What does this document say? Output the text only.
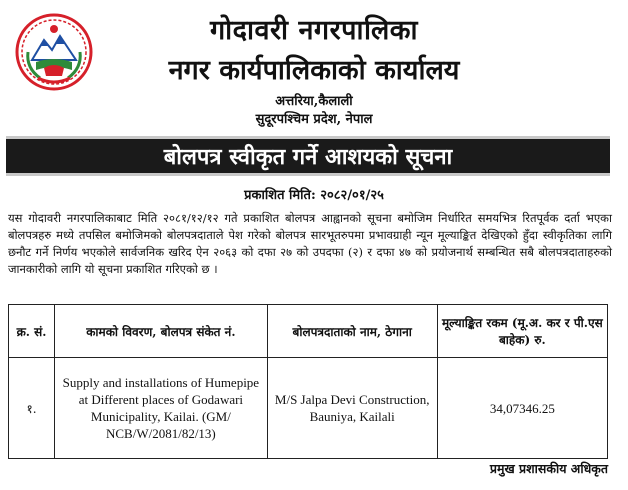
गोदावरी नगरपालिका
नगर कार्यपालिकाको कार्यालय
अत्तरिया,कैलाली
सुदूरपश्चिम प्रदेश, नेपाल
बोलपत्र स्वीकृत गर्ने आशयको सूचना
प्रकाशित मिति: २०८२/०१/२५
यस गोदावरी नगरपालिकाबाट मिति २०८१/१२/१२ गते प्रकाशित बोलपत्र आह्वानको सूचना बमोजिम निर्धारित समयभित्र रितपूर्वक दर्ता भएका बोलपत्रहरु मध्ये तपसिल बमोजिमको बोलपत्रदाताले पेश गरेको बोलपत्र सारभूतरुपमा प्रभावग्राही न्यून मूल्याङ्कित देखिएको हुँदा स्वीकृतिका लागि छनौट गर्ने निर्णय भएकोले सार्वजनिक खरिद ऐन २०६३ को दफा २७ को उपदफा (२) र दफा ४७ को प्रयोजनार्थ सम्बन्धित सबै बोलपत्रदाताहरुको जानकारीको लागि यो सूचना प्रकाशित गरिएको छ ।
क्र. सं.	कामको विवरण, बोलपत्र संकेत नं.	बोलपत्रदाताको नाम, ठेगाना	मूल्याङ्कित रकम (मू.अ. कर र पी.एस बाहेक) रु.
१.	Supply and installations of Humepipe at Different places of Godawari Municipality, Kailai. (GM/ NCB/W/2081/82/13)	M/S Jalpa Devi Construction, Bauniya, Kailali	34,07346.25
प्रमुख प्रशासकीय अधिकृत
